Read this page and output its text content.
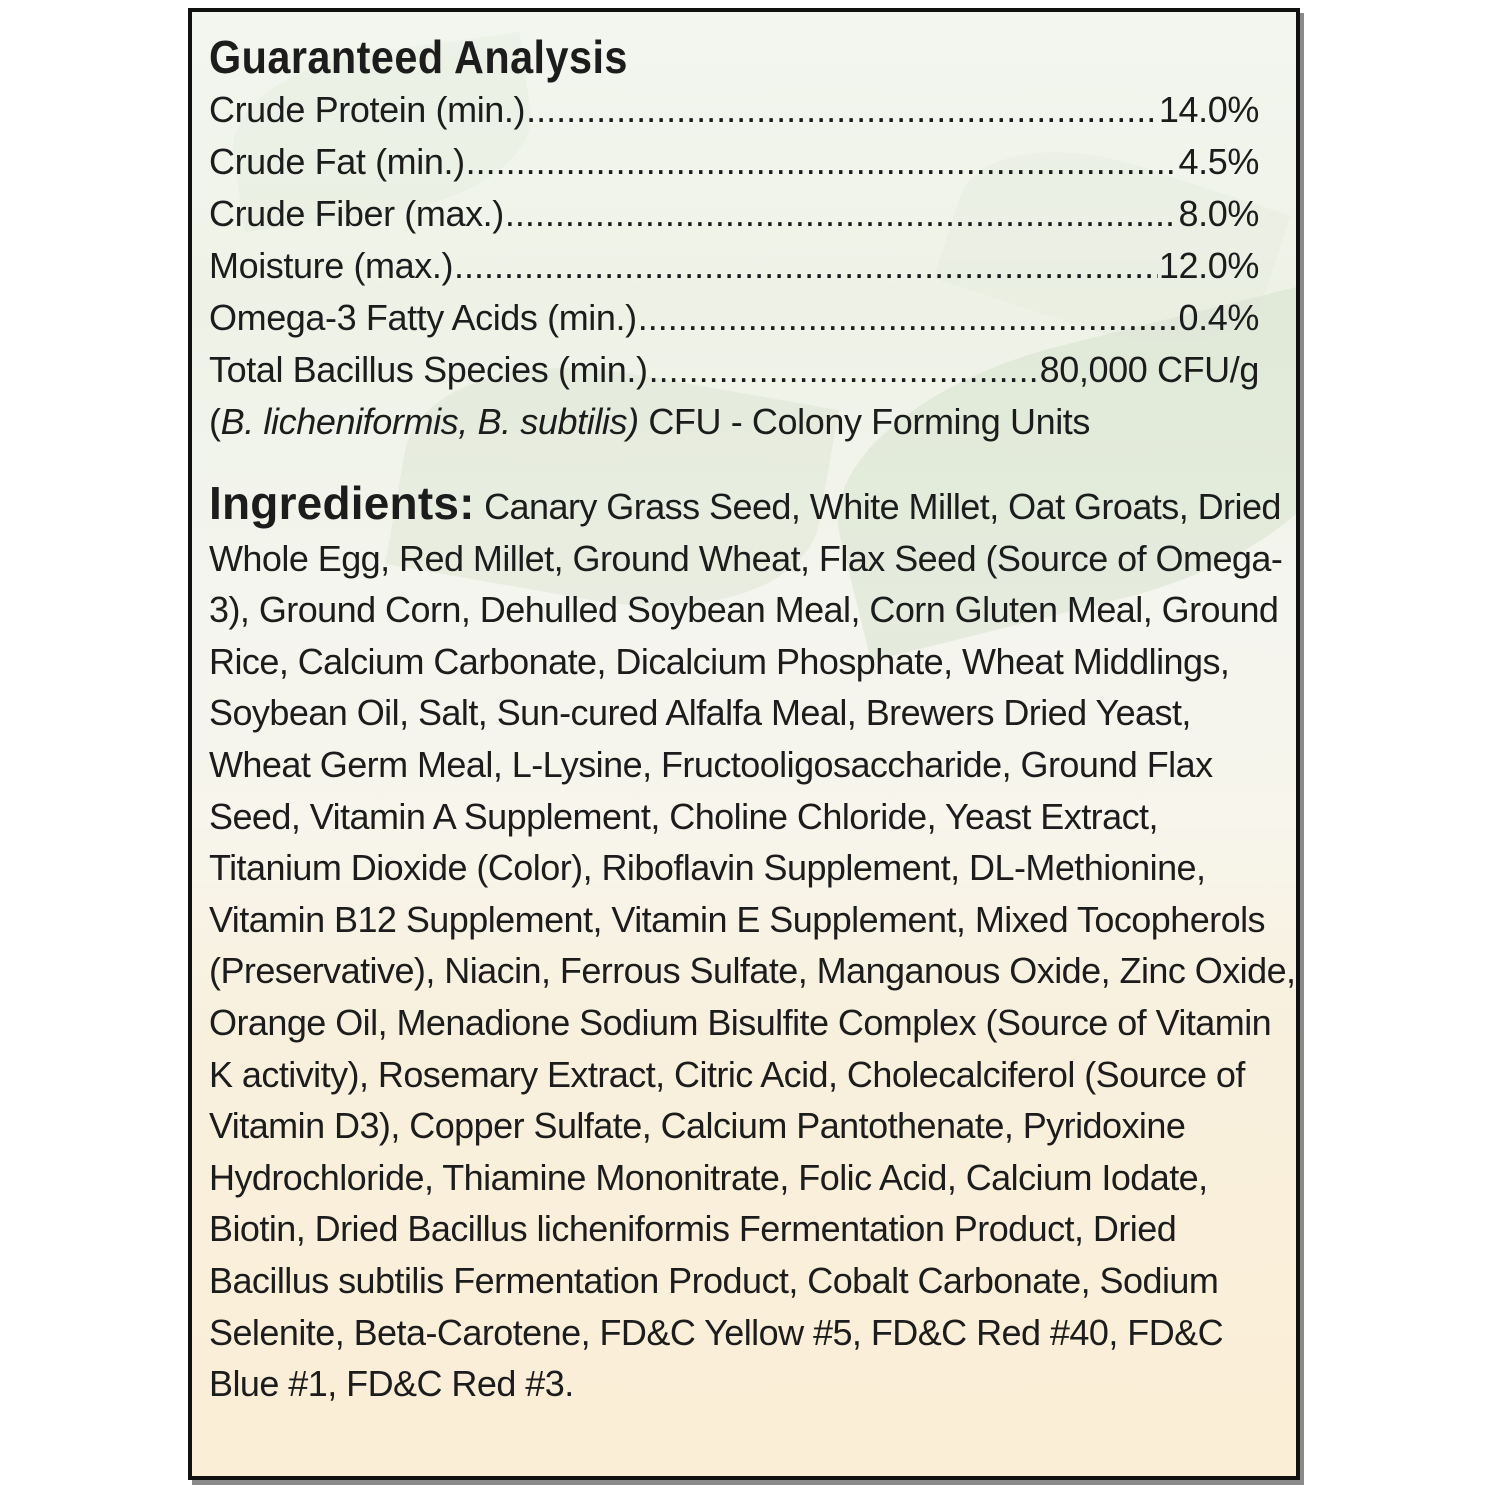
Guaranteed Analysis
Crude Protein (min.) .....	14.0%
Crude Fat (min.) .....	4.5%
Crude Fiber (max.) .....	8.0%
Moisture (max.) .....	12.0%
Omega-3 Fatty Acids (min.) .....	0.4%
Total Bacillus Species (min.) .....	80,000 CFU/g
(B. licheniformis, B. subtilis) CFU - Colony Forming Units
Ingredients: Canary Grass Seed, White Millet, Oat Groats, Dried Whole Egg, Red Millet, Ground Wheat, Flax Seed (Source of Omega-3), Ground Corn, Dehulled Soybean Meal, Corn Gluten Meal, Ground Rice, Calcium Carbonate, Dicalcium Phosphate, Wheat Middlings, Soybean Oil, Salt, Sun-cured Alfalfa Meal, Brewers Dried Yeast, Wheat Germ Meal, L-Lysine, Fructooligosaccharide, Ground Flax Seed, Vitamin A Supplement, Choline Chloride, Yeast Extract, Titanium Dioxide (Color), Riboflavin Supplement, DL-Methionine, Vitamin B12 Supplement, Vitamin E Supplement, Mixed Tocopherols (Preservative), Niacin, Ferrous Sulfate, Manganous Oxide, Zinc Oxide, Orange Oil, Menadione Sodium Bisulfite Complex (Source of Vitamin K activity), Rosemary Extract, Citric Acid, Cholecalciferol (Source of Vitamin D3), Copper Sulfate, Calcium Pantothenate, Pyridoxine Hydrochloride, Thiamine Mononitrate, Folic Acid, Calcium Iodate, Biotin, Dried Bacillus licheniformis Fermentation Product, Dried Bacillus subtilis Fermentation Product, Cobalt Carbonate, Sodium Selenite, Beta-Carotene, FD&C Yellow #5, FD&C Red #40, FD&C Blue #1, FD&C Red #3.
